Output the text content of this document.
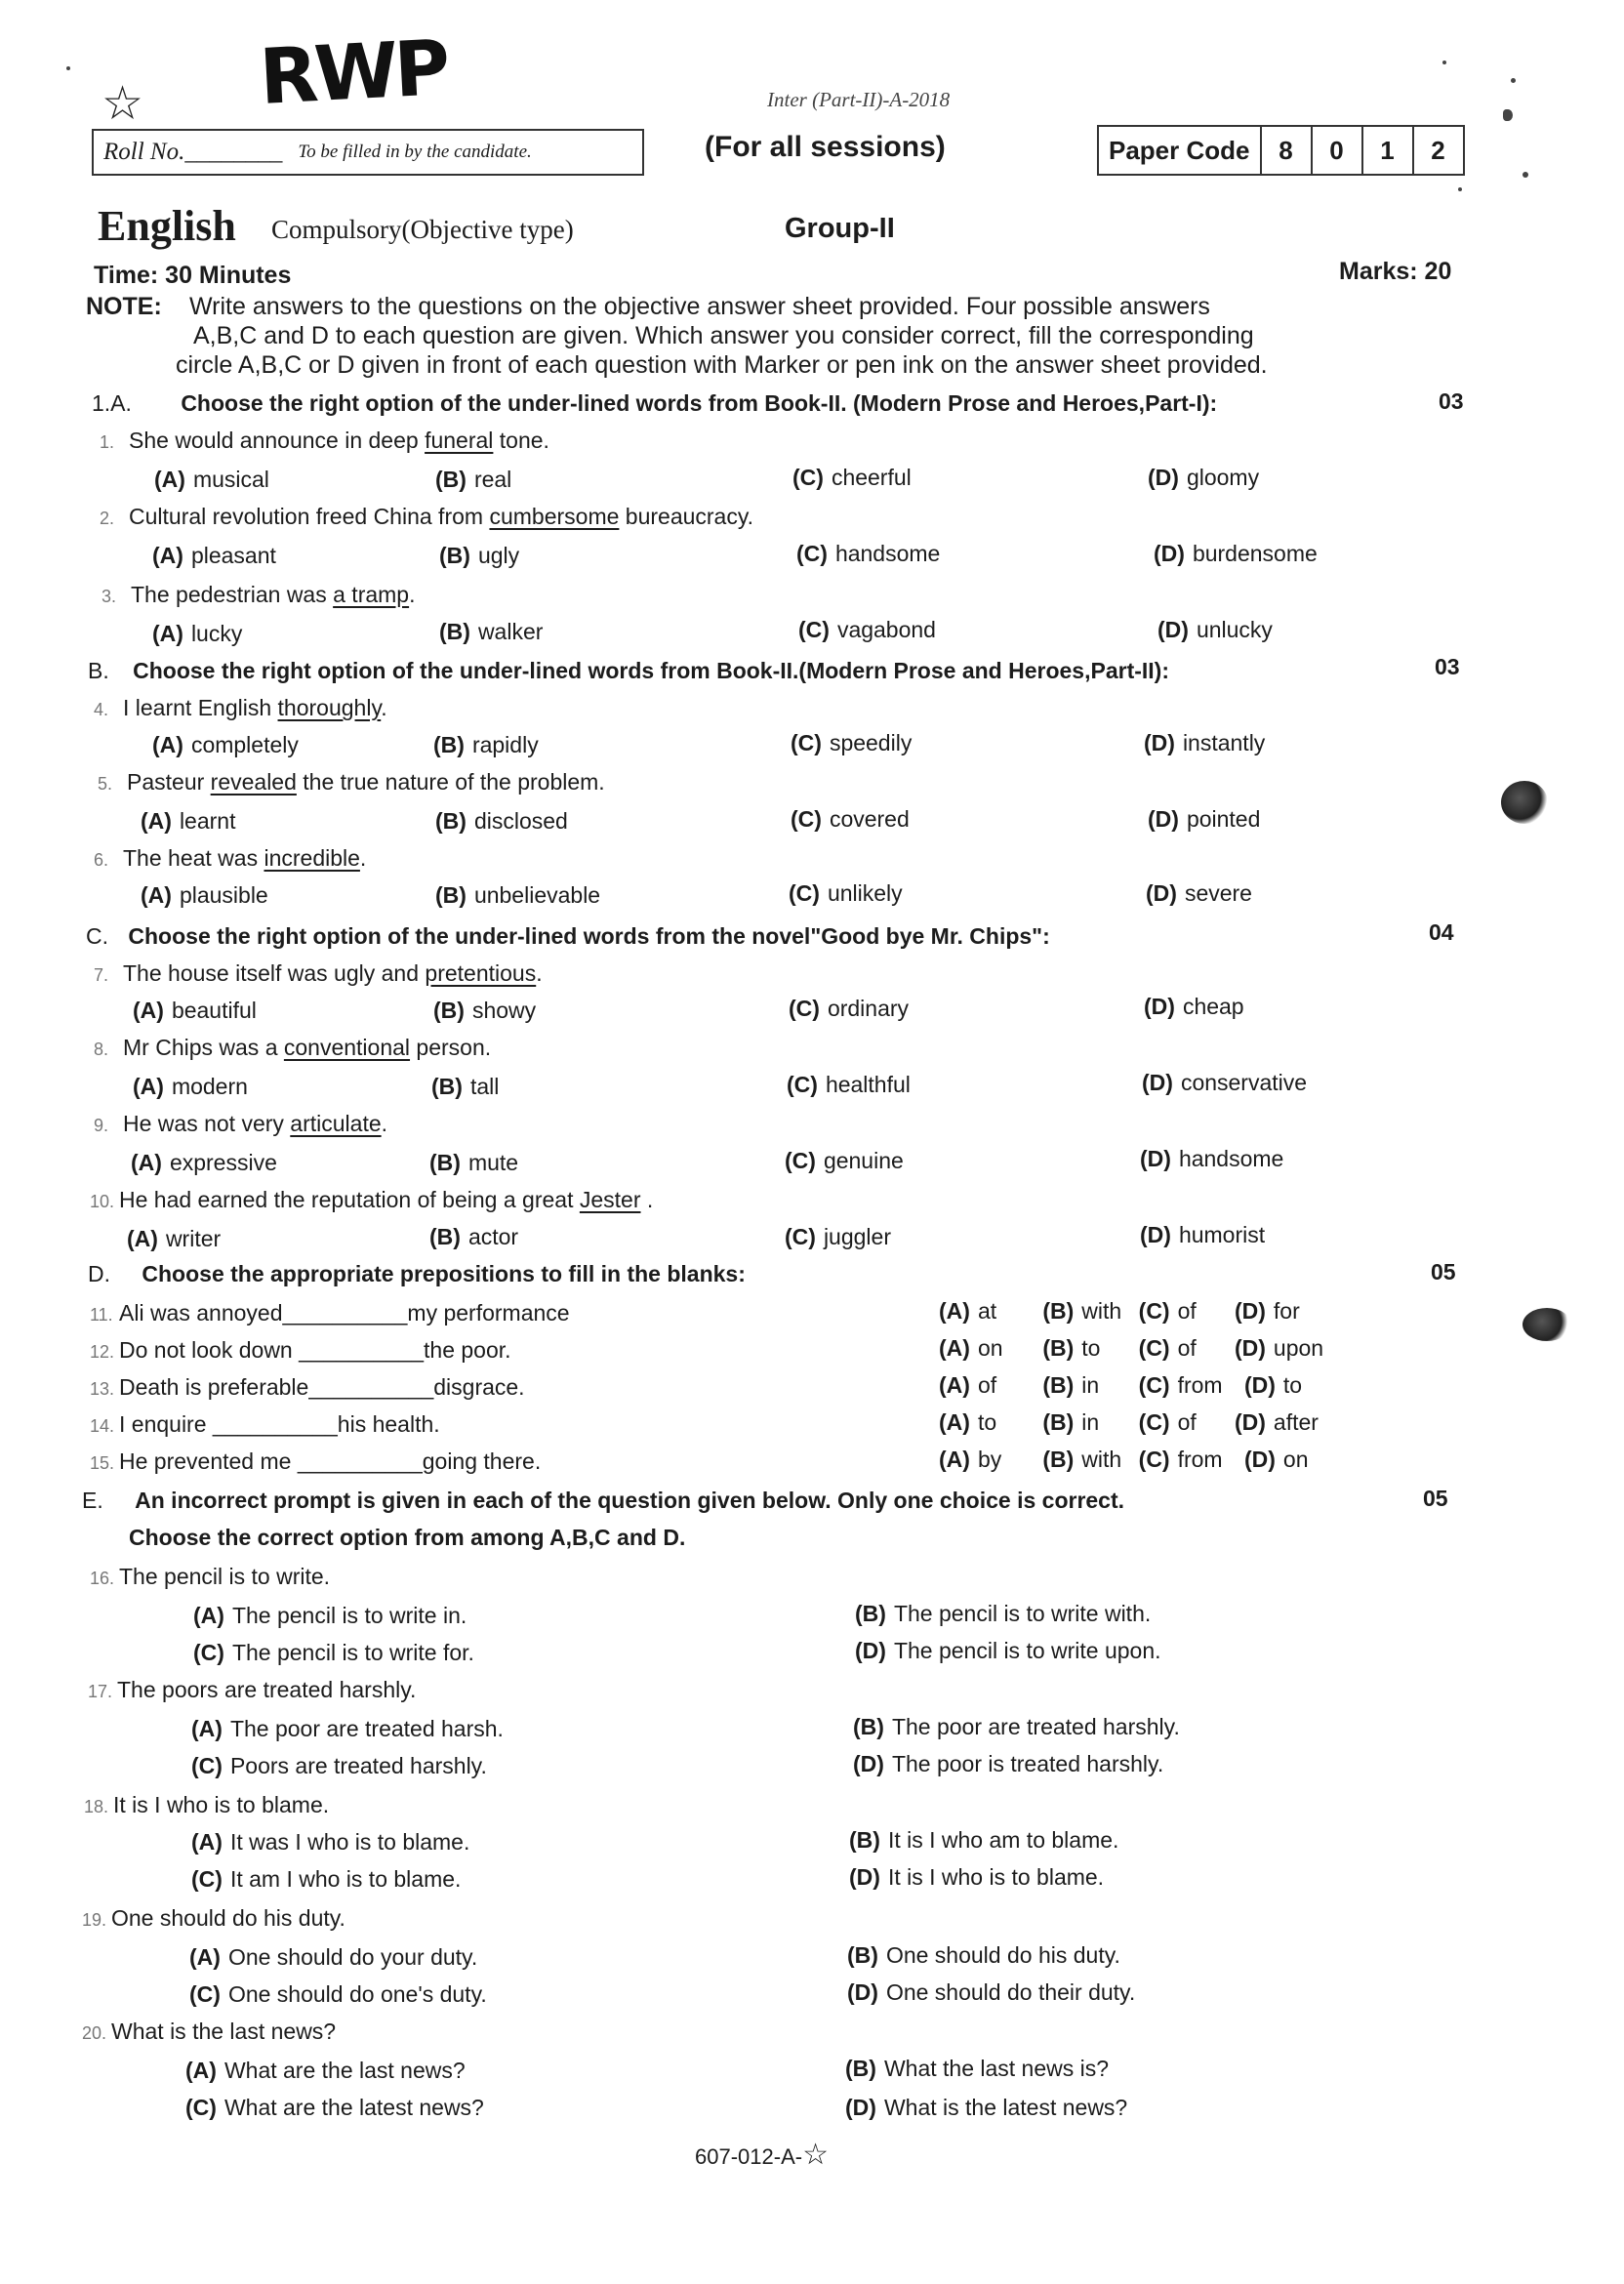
☆ RWP	Inter (Part-II)-A-2018
Roll No.________ To be filled in by the candidate.	(For all sessions)	Paper Code	8	0	1	2
English Compulsory(Objective type)	Group-II
Time: 30 Minutes	Marks: 20
NOTE: Write answers to the questions on the objective answer sheet provided. Four possible answers
A,B,C and D to each question are given. Which answer you consider correct, fill the corresponding
circle A,B,C or D given in front of each question with Marker or pen ink on the answer sheet provided.
1.A. Choose the right option of the under-lined words from Book-II. (Modern Prose and Heroes,Part-I):	03
1. She would announce in deep funeral tone.
(A) musical	(B) real	(C) cheerful	(D) gloomy
2. Cultural revolution freed China from cumbersome bureaucracy.
(A) pleasant	(B) ugly	(C) handsome	(D) burdensome
3. The pedestrian was a tramp.
(A) lucky	(B) walker	(C) vagabond	(D) unlucky
B. Choose the right option of the under-lined words from Book-II.(Modern Prose and Heroes,Part-II):	03
4. I learnt English thoroughly.
(A) completely	(B) rapidly	(C) speedily	(D) instantly
5. Pasteur revealed the true nature of the problem.
(A) learnt	(B) disclosed	(C) covered	(D) pointed
6. The heat was incredible.
(A) plausible	(B) unbelievable	(C) unlikely	(D) severe
C. Choose the right option of the under-lined words from the novel"Good bye Mr. Chips":	04
7. The house itself was ugly and pretentious.
(A) beautiful	(B) showy	(C) ordinary	(D) cheap
8. Mr Chips was a conventional person.
(A) modern	(B) tall	(C) healthful	(D) conservative
9. He was not very articulate.
(A) expressive	(B) mute	(C) genuine	(D) handsome
10. He had earned the reputation of being a great Jester .
(A) writer	(B) actor	(C) juggler	(D) humorist
D. Choose the appropriate prepositions to fill in the blanks:	05
11. Ali was annoyed__________my performance	(A) at (B) with (C) of (D) for
12. Do not look down __________the poor.	(A) on (B) to (C) of (D) upon
13. Death is preferable__________disgrace.	(A) of (B) in (C) from (D) to
14. I enquire __________his health.	(A) to (B) in (C) of (D) after
15. He prevented me __________going there.	(A) by (B) with (C) from (D) on
E. An incorrect prompt is given in each of the question given below. Only one choice is correct.
Choose the correct option from among A,B,C and D.
05
16. The pencil is to write.
(A) The pencil is to write in.	(B) The pencil is to write with.
(C) The pencil is to write for.	(D) The pencil is to write upon.
17. The poors are treated harshly.
(A) The poor are treated harsh.	(B) The poor are treated harshly.
(C) Poors are treated harshly.	(D) The poor is treated harshly.
18. It is I who is to blame.
(A) It was I who is to blame.	(B) It is I who am to blame.
(C) It am I who is to blame.	(D) It is I who is to blame.
19. One should do his duty.
(A) One should do your duty.	(B) One should do his duty.
(C) One should do one's duty.	(D) One should do their duty.
20. What is the last news?
(A) What are the last news?	(B) What the last news is?
(C) What are the latest news?	(D) What is the latest news?
607-012-A-☆
